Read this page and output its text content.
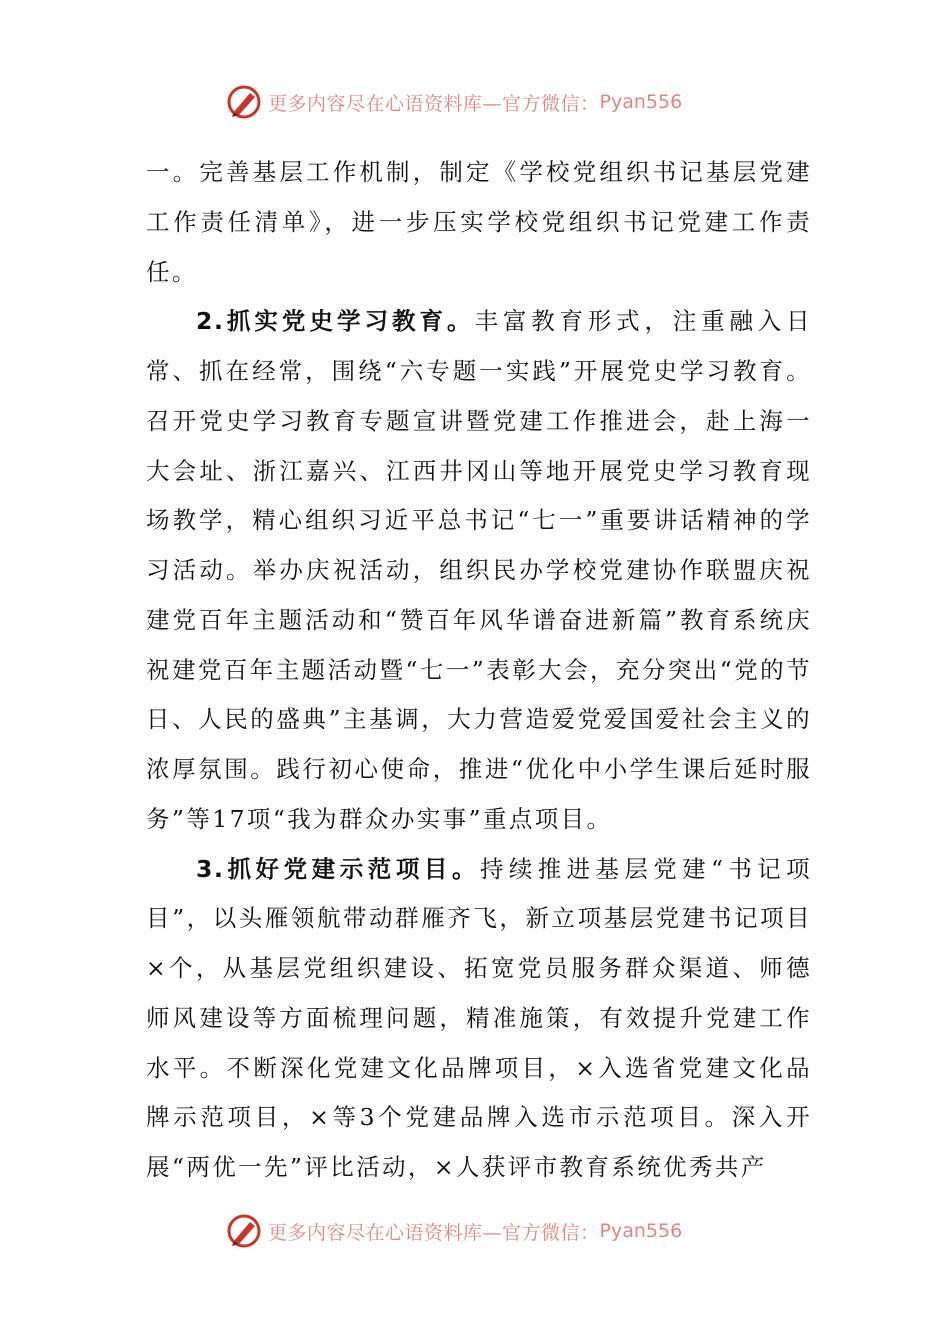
更多内容尽在心语资料库—官方微信： Pyan556

一。完善基层工作机制，制定《学校党组织书记基层党建工作责任清单》，进一步压实学校党组织书记党建工作责任。

2.抓实党史学习教育。丰富教育形式，注重融入日常、抓在经常，围绕“六专题一实践”开展党史学习教育。召开党史学习教育专题宣讲暨党建工作推进会，赴上海一大会址、浙江嘉兴、江西井冈山等地开展党史学习教育现场教学，精心组织习近平总书记“七一”重要讲话精神的学习活动。举办庆祝活动，组织民办学校党建协作联盟庆祝建党百年主题活动和“赞百年风华谱奋进新篇”教育系统庆祝建党百年主题活动暨“七一”表彰大会，充分突出“党的节日、人民的盛典”主基调，大力营造爱党爱国爱社会主义的浓厚氛围。践行初心使命，推进“优化中小学生课后延时服务”等17项“我为群众办实事”重点项目。

3.抓好党建示范项目。持续推进基层党建“书记项目”，以头雁领航带动群雁齐飞，新立项基层党建书记项目×个，从基层党组织建设、拓宽党员服务群众渠道、师德师风建设等方面梳理问题，精准施策，有效提升党建工作水平。不断深化党建文化品牌项目，×入选省党建文化品牌示范项目，×等3个党建品牌入选市示范项目。深入开展“两优一先”评比活动，×人获评市教育系统优秀共产

更多内容尽在心语资料库—官方微信： Pyan556
